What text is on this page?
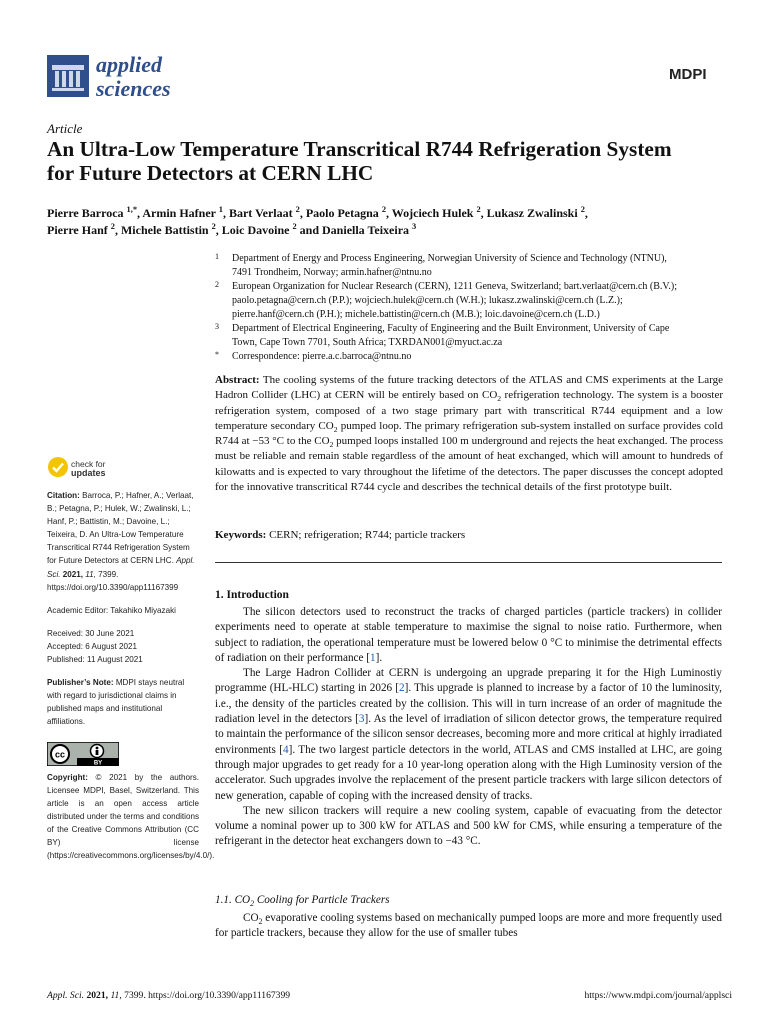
applied
sciences
MDPI
Article
An Ultra-Low Temperature Transcritical R744 Refrigeration System for Future Detectors at CERN LHC
Pierre Barroca $^{1,*}$, Armin Hafner $^1$, Bart Verlaat $^2$, Paolo Petagna $^2$, Wojciech Hulek $^2$, Lukasz Zwalinski $^2$,
Pierre Hanf $^2$, Michele Battistin $^2$, Loic Davoine $^2$ and Daniella Teixeira $^3$
1 Department of Energy and Process Engineering, Norwegian University of Science and Technology (NTNU),
7491 Trondheim, Norway; armin.hafner@ntnu.no
2 European Organization for Nuclear Research (CERN), 1211 Geneva, Switzerland; bart.verlaat@cern.ch (B.V.);
paolo.petagna@cern.ch (P.P.); wojciech.hulek@cern.ch (W.H.); lukasz.zwalinski@cern.ch (L.Z.);
pierre.hanf@cern.ch (P.H.); michele.battistin@cern.ch (M.B.); loic.davoine@cern.ch (L.D.)
3 Department of Electrical Engineering, Faculty of Engineering and the Built Environment, University of Cape
Town, Cape Town 7701, South Africa; TXRDAN001@myuct.ac.za
* Correspondence: pierre.a.c.barroca@ntnu.no
Abstract: The cooling systems of the future tracking detectors of the ATLAS and CMS experiments at the Large Hadron Collider (LHC) at CERN will be entirely based on $CO_2$ refrigeration technology. The system is a booster refrigeration system, composed of a two stage primary part with transcritical R744 equipment and a low temperature secondary $CO_2$ pumped loop. The primary refrigeration sub-system installed on surface provides cold R744 at −53 °C to the $CO_2$ pumped loops installed 100 m underground and rejects the heat exchanged. The process must be reliable and remain stable regardless of the amount of heat exchanged, which will amount to hundreds of kilowatts and is expected to vary throughout the lifetime of the detectors. The paper discusses the concept adopted for the innovative transcritical R744 cycle and describes the technical details of the first prototype built.
Keywords: CERN; refrigeration; R744; particle trackers
check for
updates

Citation: Barroca, P.; Hafner, A.; Verlaat, B.; Petagna, P.; Hulek, W.; Zwalinski, L.; Hanf, P.; Battistin, M.; Davoine, L.; Teixeira, D. An Ultra-Low Temperature Transcritical R744 Refrigeration System for Future Detectors at CERN LHC. Appl. Sci. 2021, 11, 7399. https://doi.org/10.3390/app11167399

Academic Editor: Takahiko Miyazaki

Received: 30 June 2021

Accepted: 6 August 2021

Published: 11 August 2021

Publisher’s Note: MDPI stays neutral with regard to jurisdictional claims in published maps and institutional affiliations.

cc
BY

Copyright: © 2021 by the authors. Licensee MDPI, Basel, Switzerland. This article is an open access article distributed under the terms and conditions of the Creative Commons Attribution (CC BY) license (https://creativecommons.org/licenses/by/4.0/).

1. Introduction

The silicon detectors used to reconstruct the tracks of charged particles (particle trackers) in collider experiments need to operate at stable temperature to maximise the signal to noise ratio. Furthermore, when subject to radiation, the operational temperature must be lowered below 0 °C to minimise the detrimental effects of radiation on their performance [1].

The Large Hadron Collider at CERN is undergoing an upgrade preparing it for the High Luminostiy programme (HL-HLC) starting in 2026 [2]. This upgrade is planned to increase by a factor of 10 the luminosity, i.e., the density of the particles created by the collision. This will in turn increase of an order of magnitude the radiation level in the detectors [3]. As the level of irradiation of silicon detector grows, the temperature required to maintain the performance of the silicon sensor decreases, becoming more and more critical at highly irradiated environments [4]. The two largest particle detectors in the world, ATLAS and CMS installed at LHC, are going through major upgrades to get ready for a 10 year-long operation along with the High Luminosity version of the accelerator. Such upgrades involve the replacement of the present particle trackers with large silicon detectors of new generation, capable of coping with the increased density of tracks.

The new silicon trackers will require a new cooling system, capable of evacuating from the detector volume a nominal power up to 300 kW for ATLAS and 500 kW for CMS, while ensuring a temperature of the refrigerant in the detector heat exchangers down to −43 °C.

1.1. $CO_2$ Cooling for Particle Trackers

$CO_2$ evaporative cooling systems based on mechanically pumped loops are more and more frequently used for particle trackers, because they allow for the use of smaller tubes

Appl. Sci. 2021, 11, 7399. https://doi.org/10.3390/app11167399	https://www.mdpi.com/journal/applsci
